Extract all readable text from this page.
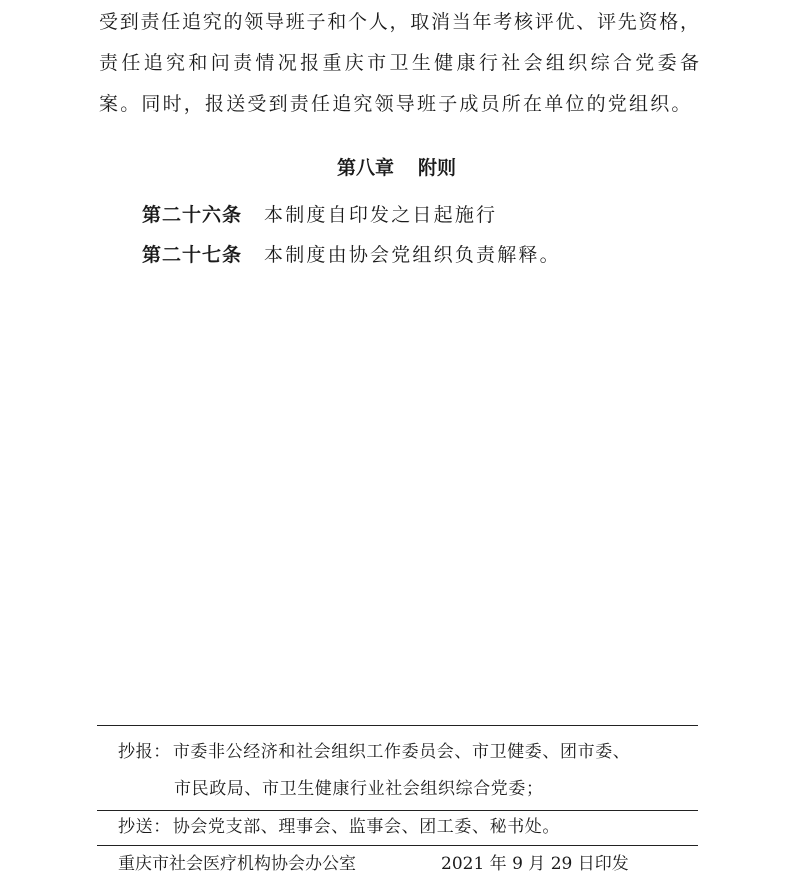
受到责任追究的领导班子和个人，取消当年考核评优、评先资格，
责任追究和问责情况报重庆市卫生健康行社会组织综合党委备
案。同时，报送受到责任追究领导班子成员所在单位的党组织。
第八章 附则
第二十六条 本制度自印发之日起施行
第二十七条 本制度由协会党组织负责解释。
抄报： 市委非公经济和社会组织工作委员会、市卫健委、团市委、
市民政局、市卫生健康行业社会组织综合党委；
抄送： 协会党支部、理事会、监事会、团工委、秘书处。
重庆市社会医疗机构协会办公室	2021 年 9 月 29 日印发
